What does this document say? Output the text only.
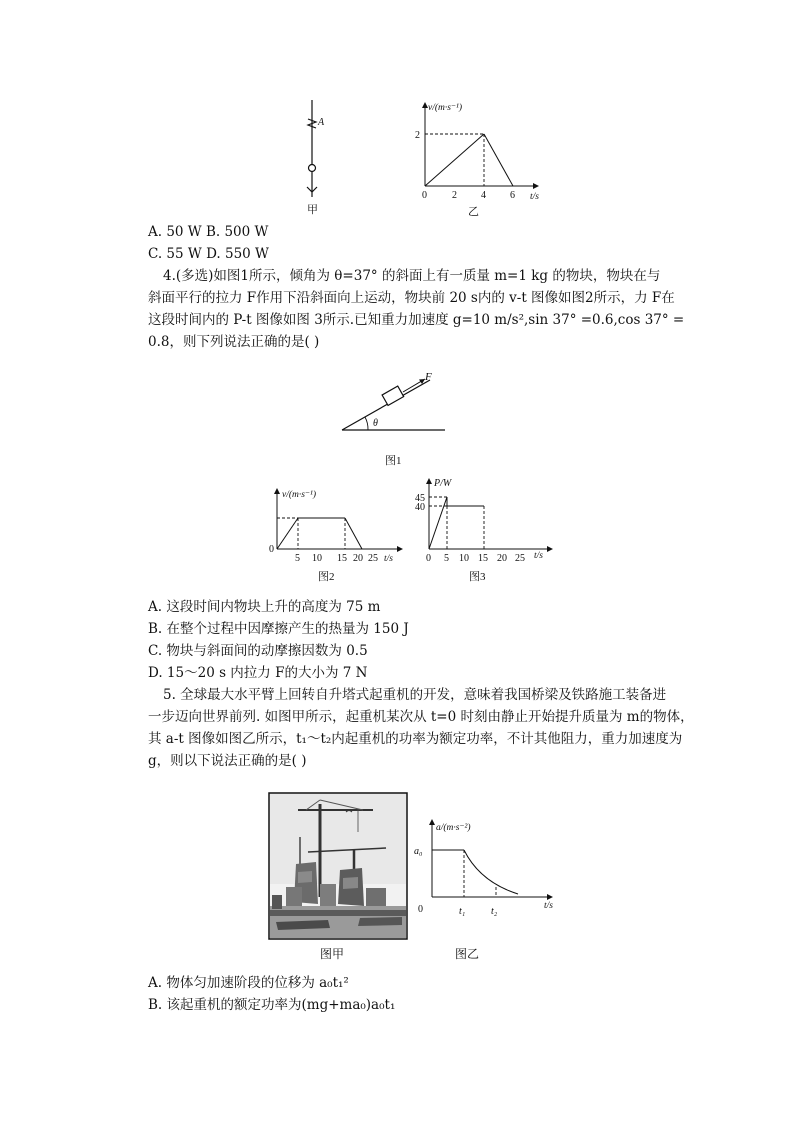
A
甲
v/(m·s⁻¹)
t/s
2
0	2 4 6
乙
A. 50 W B. 500 W
C. 55 W D. 550 W
4.(多选)如图1所示，倾角为 θ=37° 的斜面上有一质量 m=1 kg 的物块，物块在与
斜面平行的拉力 F作用下沿斜面向上运动，物块前 20 s内的 v-t 图像如图2所示，力 F在
这段时间内的 P-t 图像如图 3所示.已知重力加速度 g=10 m/s²,sin 37° =0.6,cos 37° =
0.8，则下列说法正确的是( )
F
θ
图1
v/(m·s⁻¹)
0
5 10 15 20 25 t/s
图2
P/W
45
40
0 5 10 15 20 25 t/s
图3
A. 这段时间内物块上升的高度为 75 m
B. 在整个过程中因摩擦产生的热量为 150 J
C. 物块与斜面间的动摩擦因数为 0.5
D. 15～20 s 内拉力 F的大小为 7 N
5. 全球最大水平臂上回转自升塔式起重机的开发，意味着我国桥梁及铁路施工装备进
一步迈向世界前列. 如图甲所示，起重机某次从 t=0 时刻由静止开始提升质量为 m的物体，
其 a-t 图像如图乙所示，t₁～t₂内起重机的功率为额定功率，不计其他阻力，重力加速度为
g，则以下说法正确的是( )
图甲
a/(m·s⁻²)
a₀
0	t₁	t₂	t/s
图乙
A. 物体匀加速阶段的位移为 a₀t₁²
B. 该起重机的额定功率为(mg+ma₀)a₀t₁
